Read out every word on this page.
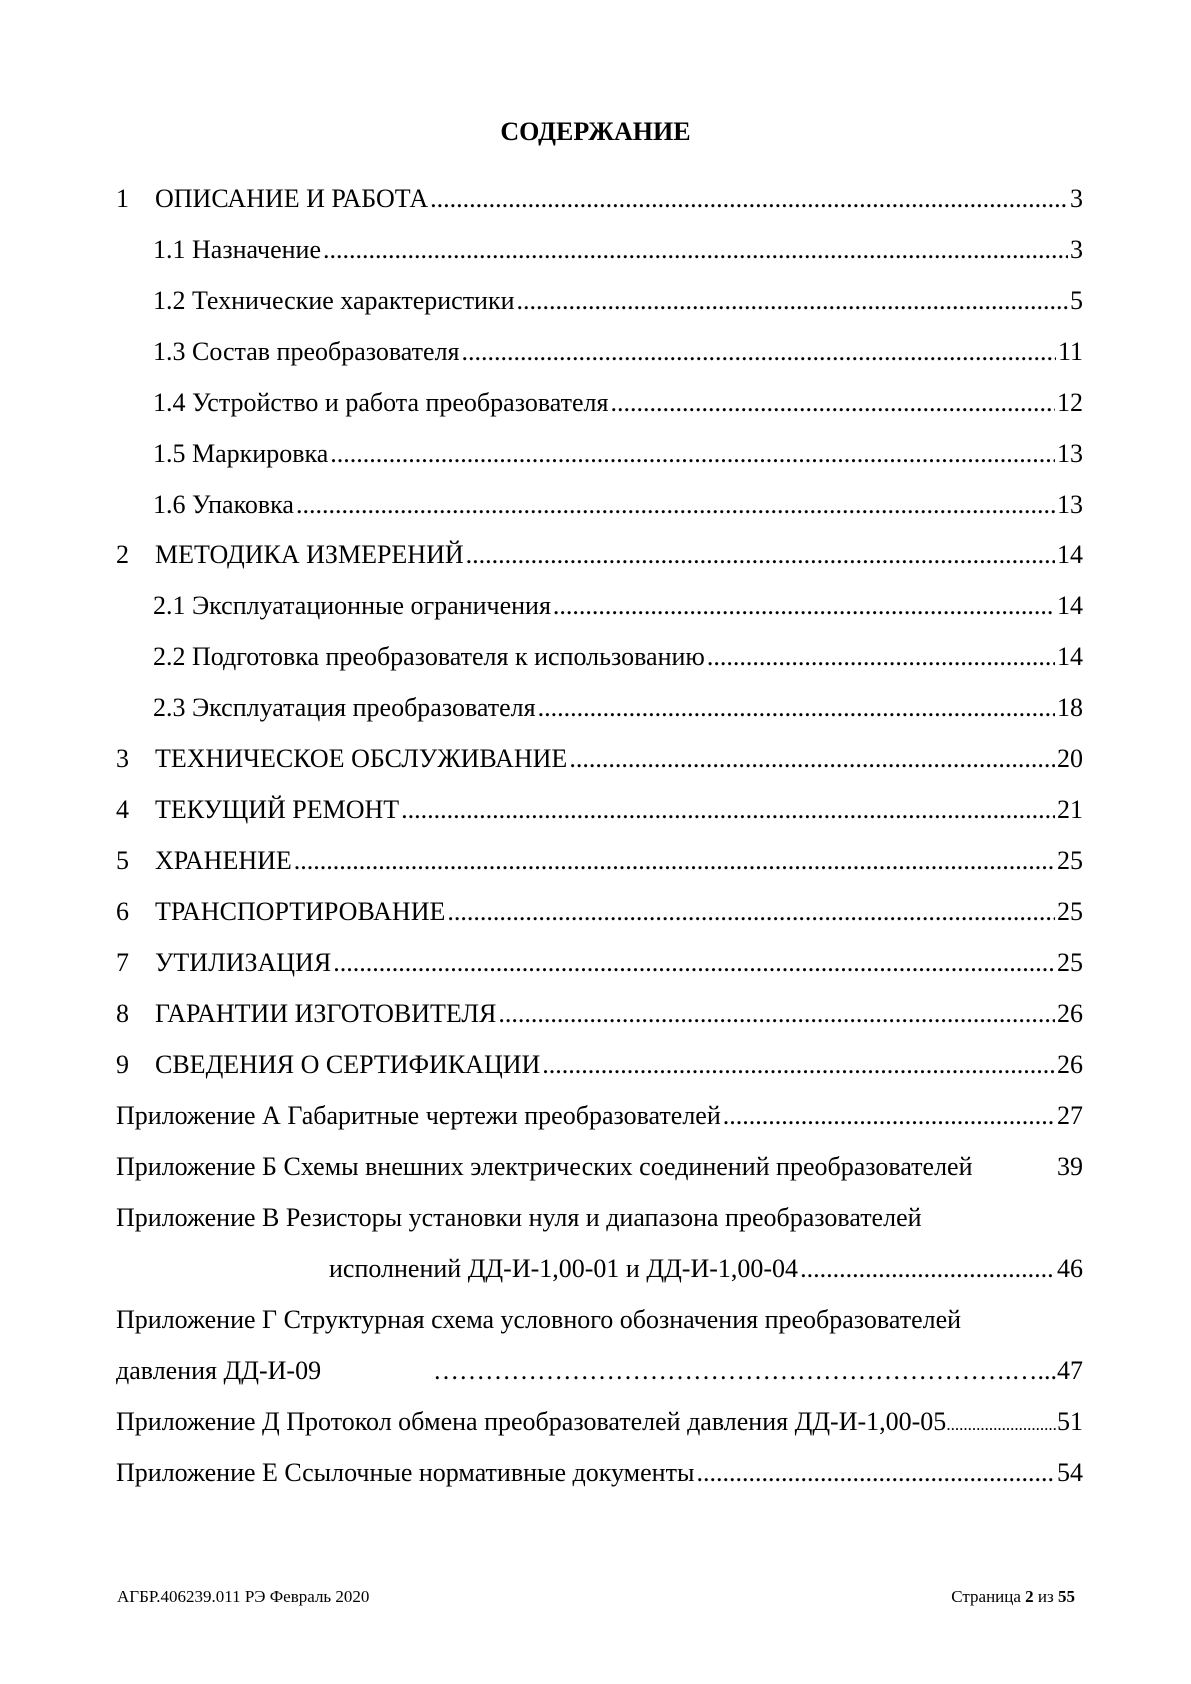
СОДЕРЖАНИЕ
1	ОПИСАНИЕ И РАБОТА .....	3
1.1 Назначение .....	3
1.2 Технические характеристики .....	5
1.3 Состав преобразователя .....	11
1.4 Устройство и работа преобразователя .....	12
1.5 Маркировка .....	13
1.6 Упаковка .....	13
2	МЕТОДИКА ИЗМЕРЕНИЙ .....	14
2.1 Эксплуатационные ограничения .....	14
2.2 Подготовка преобразователя к использованию .....	14
2.3 Эксплуатация преобразователя .....	18
3	ТЕХНИЧЕСКОЕ ОБСЛУЖИВАНИЕ .....	20
4	ТЕКУЩИЙ РЕМОНТ .....	21
5	ХРАНЕНИЕ .....	25
6	ТРАНСПОРТИРОВАНИЕ .....	25
7	УТИЛИЗАЦИЯ .....	25
8	ГАРАНТИИ ИЗГОТОВИТЕЛЯ .....	26
9	СВЕДЕНИЯ О СЕРТИФИКАЦИИ .....	26
Приложение А Габаритные чертежи преобразователей .....	27
Приложение Б Схемы внешних электрических соединений преобразователей	39
Приложение В Резисторы установки нуля и диапазона преобразователей
исполнений ДД-И-1,00-01 и ДД-И-1,00-04 .....	46
Приложение Г Структурная схема условного обозначения преобразователей
давления ДД-И-09	………………………………………………………….…... 47
Приложение Д Протокол обмена преобразователей давления ДД-И-1,00-05 .....	51
Приложение Е Ссылочные нормативные документы .....	54
АГБР.406239.011 РЭ Февраль 2020	Страница 2 из 55
